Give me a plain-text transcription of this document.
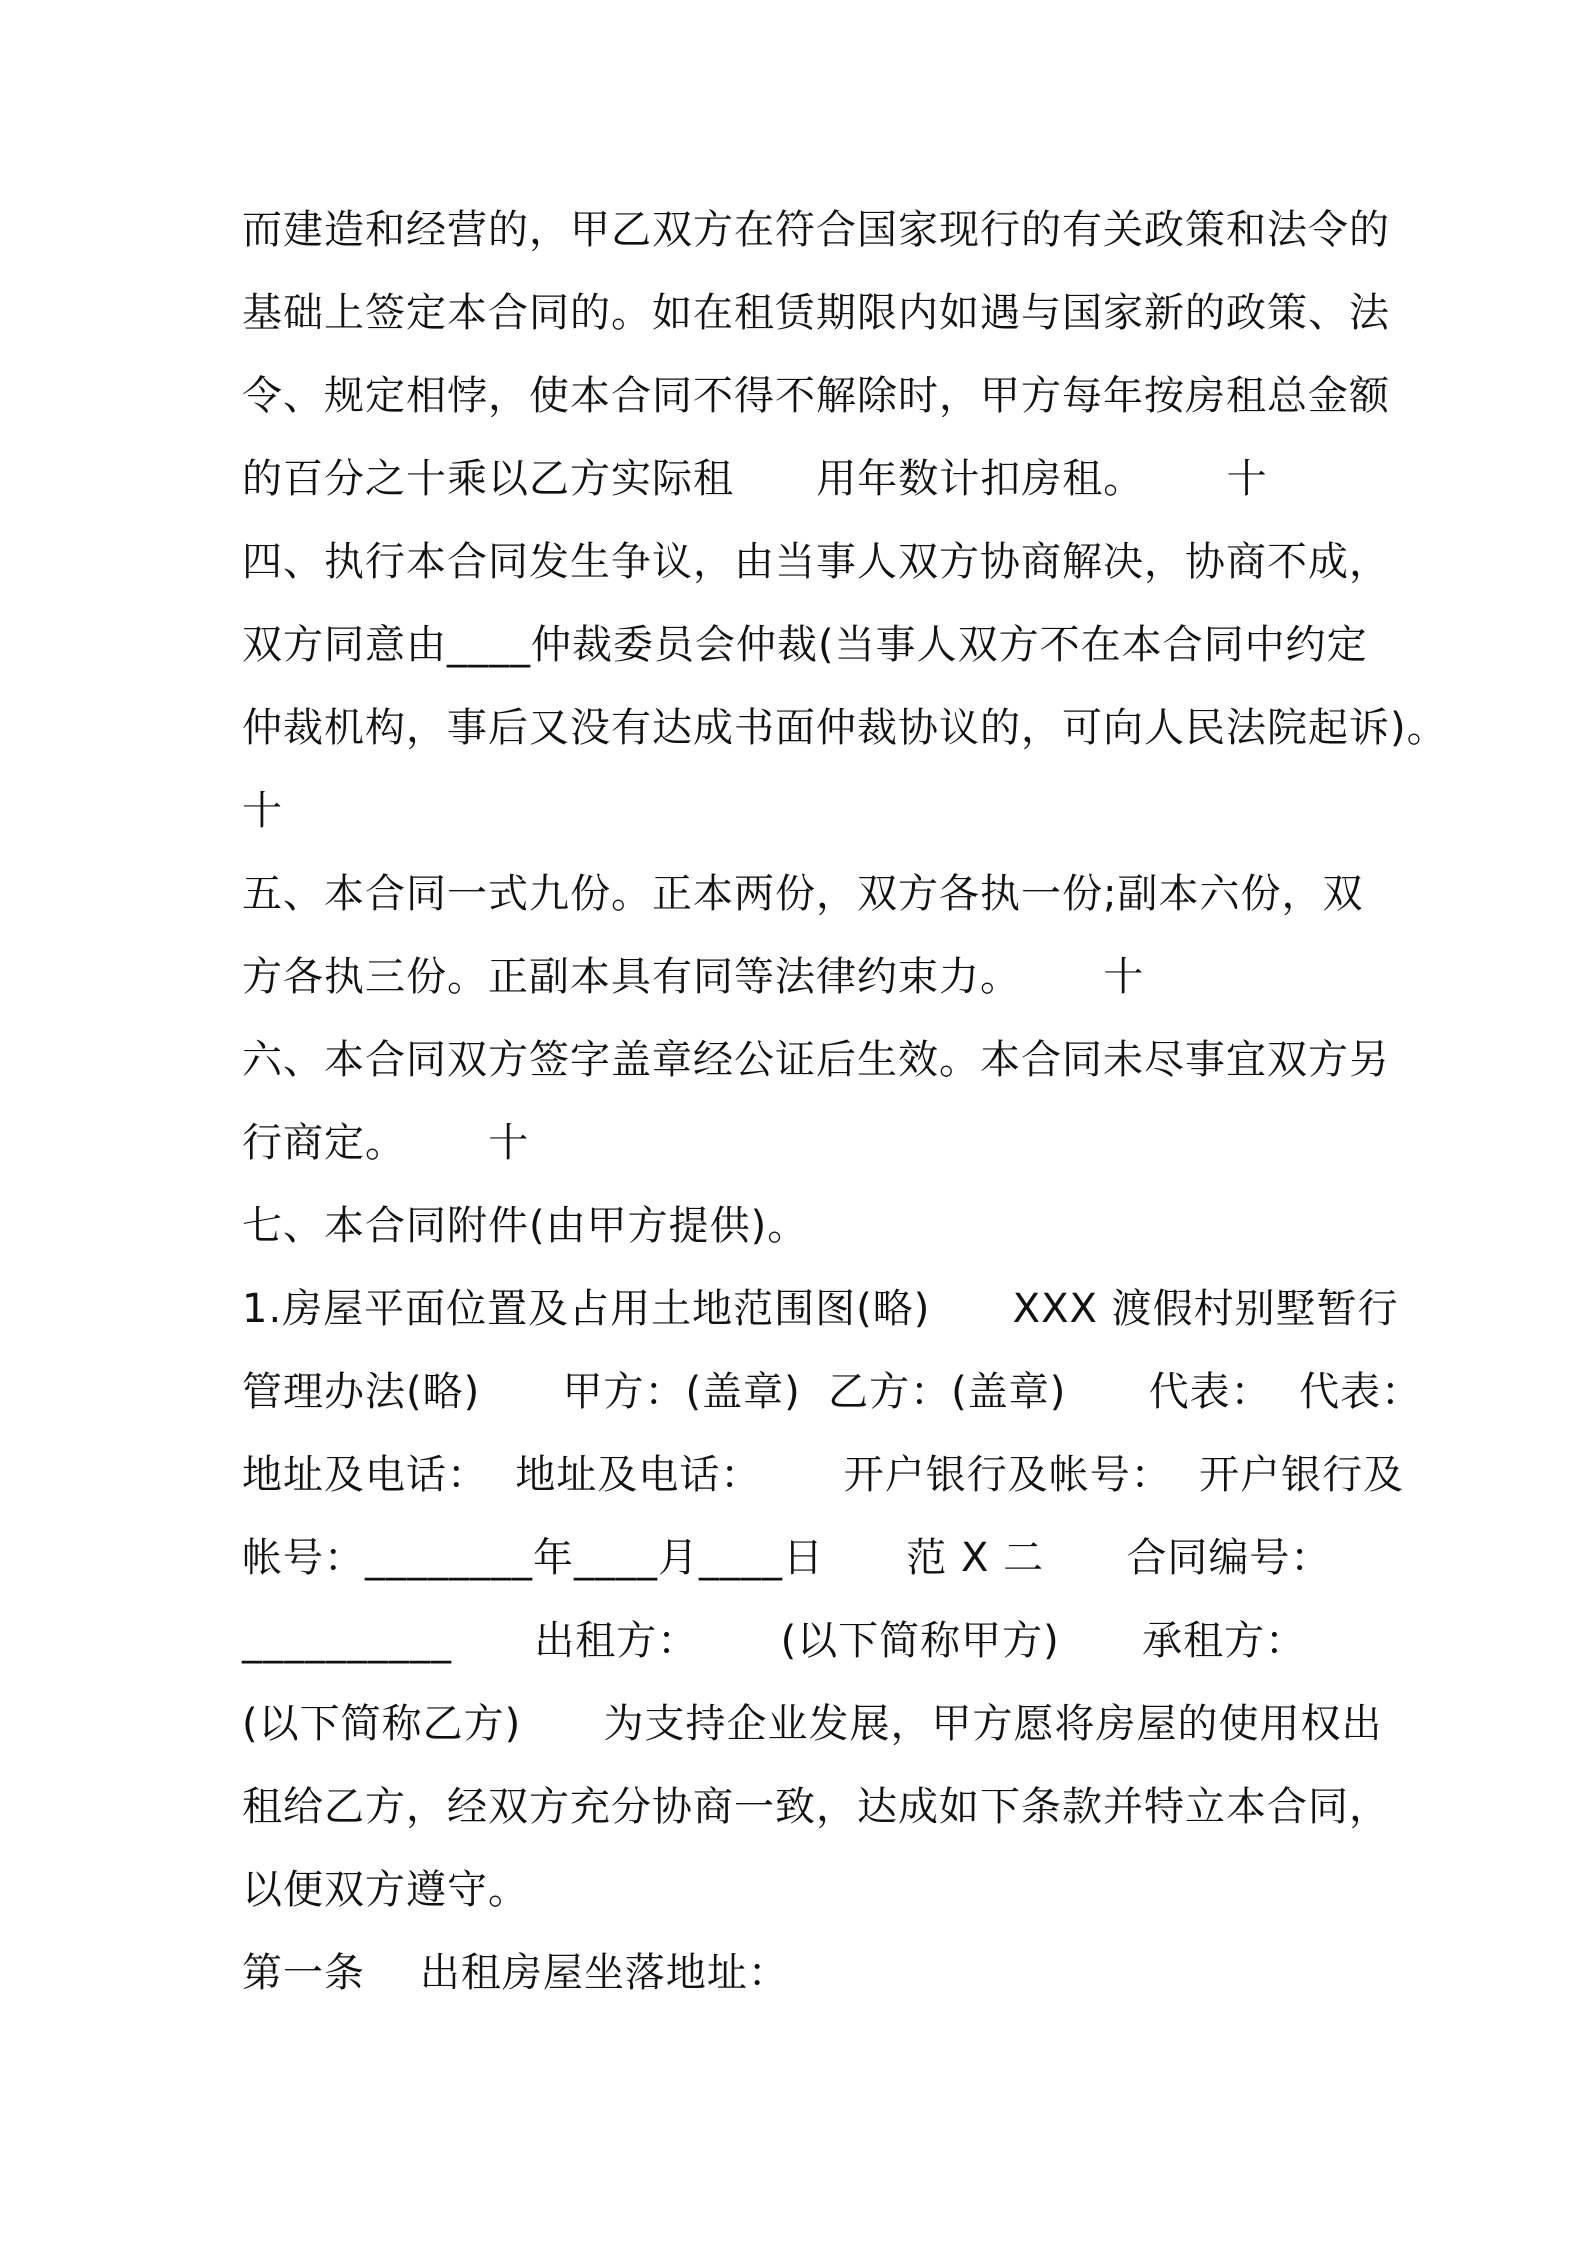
而建造和经营的，甲乙双方在符合国家现行的有关政策和法令的
基础上签定本合同的。如在租赁期限内如遇与国家新的政策、法
令、规定相悖，使本合同不得不解除时，甲方每年按房租总金额
的百分之十乘以乙方实际租      用年数计扣房租。      十
四、执行本合同发生争议，由当事人双方协商解决，协商不成，
双方同意由____仲裁委员会仲裁(当事人双方不在本合同中约定
仲裁机构，事后又没有达成书面仲裁协议的，可向人民法院起诉)。
十
五、本合同一式九份。正本两份，双方各执一份;副本六份，双
方各执三份。正副本具有同等法律约束力。      十
六、本合同双方签字盖章经公证后生效。本合同未尽事宜双方另
行商定。      十
七、本合同附件(由甲方提供)。
1.房屋平面位置及占用土地范围图(略)      XXX 渡假村别墅暂行
管理办法(略)      甲方：(盖章)  乙方：(盖章)      代表：  代表：
地址及电话：  地址及电话：      开户银行及帐号：  开户银行及
帐号：________年____月____日      范 X 二      合同编号：
__________      出租方：      (以下简称甲方)      承租方：
(以下简称乙方)      为支持企业发展，甲方愿将房屋的使用权出
租给乙方，经双方充分协商一致，达成如下条款并特立本合同，
以便双方遵守。
第一条    出租房屋坐落地址：
